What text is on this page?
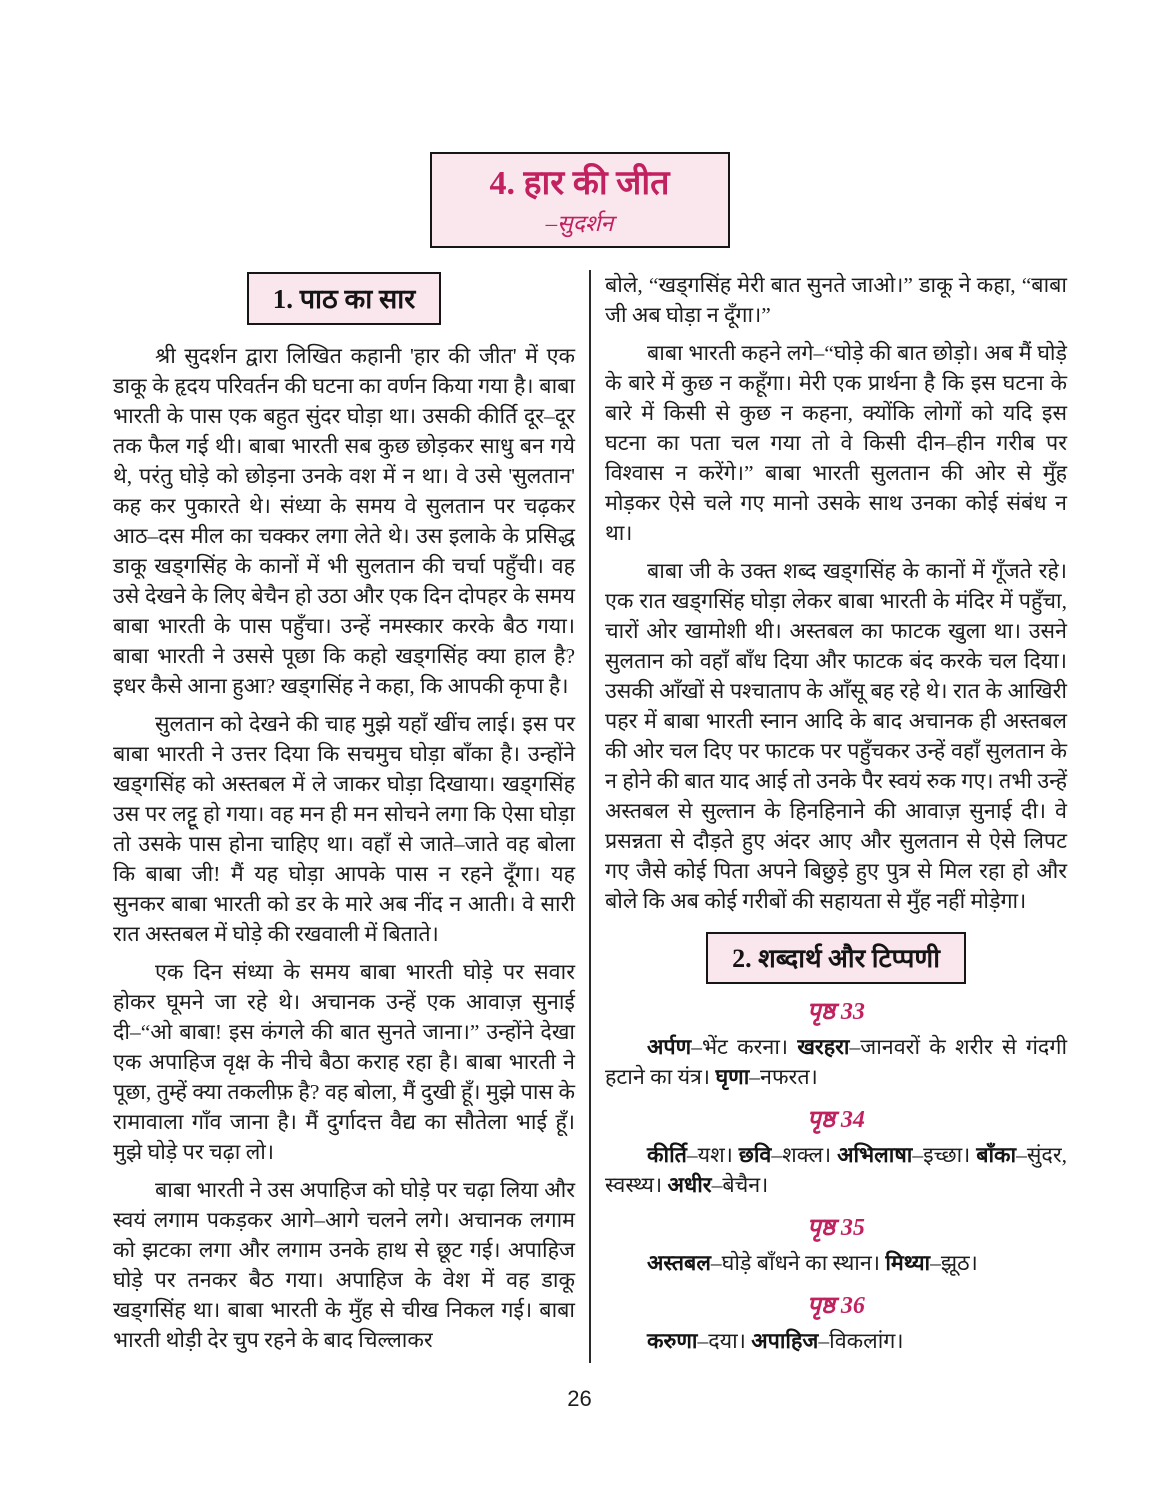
4. हार की जीत
–सुदर्शन
1. पाठ का सार

श्री सुदर्शन द्वारा लिखित कहानी 'हार की जीत' में एक डाकू के हृदय परिवर्तन की घटना का वर्णन किया गया है। बाबा भारती के पास एक बहुत सुंदर घोड़ा था। उसकी कीर्ति दूर–दूर तक फैल गई थी। बाबा भारती सब कुछ छोड़कर साधु बन गये थे, परंतु घोड़े को छोड़ना उनके वश में न था। वे उसे 'सुलतान' कह कर पुकारते थे। संध्या के समय वे सुलतान पर चढ़कर आठ–दस मील का चक्कर लगा लेते थे। उस इलाके के प्रसिद्ध डाकू खड्गसिंह के कानों में भी सुलतान की चर्चा पहुँची। वह उसे देखने के लिए बेचैन हो उठा और एक दिन दोपहर के समय बाबा भारती के पास पहुँचा। उन्हें नमस्कार करके बैठ गया। बाबा भारती ने उससे पूछा कि कहो खड्गसिंह क्या हाल है? इधर कैसे आना हुआ? खड्गसिंह ने कहा, कि आपकी कृपा है।

सुलतान को देखने की चाह मुझे यहाँ खींच लाई। इस पर बाबा भारती ने उत्तर दिया कि सचमुच घोड़ा बाँका है। उन्होंने खड्गसिंह को अस्तबल में ले जाकर घोड़ा दिखाया। खड्गसिंह उस पर लट्टू हो गया। वह मन ही मन सोचने लगा कि ऐसा घोड़ा तो उसके पास होना चाहिए था। वहाँ से जाते–जाते वह बोला कि बाबा जी! मैं यह घोड़ा आपके पास न रहने दूँगा। यह सुनकर बाबा भारती को डर के मारे अब नींद न आती। वे सारी रात अस्तबल में घोड़े की रखवाली में बिताते।

एक दिन संध्या के समय बाबा भारती घोड़े पर सवार होकर घूमने जा रहे थे। अचानक उन्हें एक आवाज़ सुनाई दी–“ओ बाबा! इस कंगले की बात सुनते जाना।” उन्होंने देखा एक अपाहिज वृक्ष के नीचे बैठा कराह रहा है। बाबा भारती ने पूछा, तुम्हें क्या तकलीफ़ है? वह बोला, मैं दुखी हूँ। मुझे पास के रामावाला गाँव जाना है। मैं दुर्गादत्त वैद्य का सौतेला भाई हूँ। मुझे घोड़े पर चढ़ा लो।

बाबा भारती ने उस अपाहिज को घोड़े पर चढ़ा लिया और स्वयं लगाम पकड़कर आगे–आगे चलने लगे। अचानक लगाम को झटका लगा और लगाम उनके हाथ से छूट गई। अपाहिज घोड़े पर तनकर बैठ गया। अपाहिज के वेश में वह डाकू खड्गसिंह था। बाबा भारती के मुँह से चीख निकल गई। बाबा भारती थोड़ी देर चुप रहने के बाद चिल्लाकर

बोले, “खड्गसिंह मेरी बात सुनते जाओ।” डाकू ने कहा, “बाबा जी अब घोड़ा न दूँगा।”

बाबा भारती कहने लगे–“घोड़े की बात छोड़ो। अब मैं घोड़े के बारे में कुछ न कहूँगा। मेरी एक प्रार्थना है कि इस घटना के बारे में किसी से कुछ न कहना, क्योंकि लोगों को यदि इस घटना का पता चल गया तो वे किसी दीन–हीन गरीब पर विश्वास न करेंगे।” बाबा भारती सुलतान की ओर से मुँह मोड़कर ऐसे चले गए मानो उसके साथ उनका कोई संबंध न था।

बाबा जी के उक्त शब्द खड्गसिंह के कानों में गूँजते रहे। एक रात खड्गसिंह घोड़ा लेकर बाबा भारती के मंदिर में पहुँचा, चारों ओर खामोशी थी। अस्तबल का फाटक खुला था। उसने सुलतान को वहाँ बाँध दिया और फाटक बंद करके चल दिया। उसकी आँखों से पश्चाताप के आँसू बह रहे थे। रात के आखिरी पहर में बाबा भारती स्नान आदि के बाद अचानक ही अस्तबल की ओर चल दिए पर फाटक पर पहुँचकर उन्हें वहाँ सुलतान के न होने की बात याद आई तो उनके पैर स्वयं रुक गए। तभी उन्हें अस्तबल से सुल्तान के हिनहिनाने की आवाज़ सुनाई दी। वे प्रसन्नता से दौड़ते हुए अंदर आए और सुलतान से ऐसे लिपट गए जैसे कोई पिता अपने बिछुड़े हुए पुत्र से मिल रहा हो और बोले कि अब कोई गरीबों की सहायता से मुँह नहीं मोड़ेगा।

2. शब्दार्थ और टिप्पणी
पृष्ठ 33

अर्पण–भेंट करना। खरहरा–जानवरों के शरीर से गंदगी हटाने का यंत्र। घृणा–नफरत।

पृष्ठ 34

कीर्ति–यश। छवि–शक्ल। अभिलाषा–इच्छा। बाँका–सुंदर, स्वस्थ्य। अधीर–बेचैन।

पृष्ठ 35

अस्तबल–घोड़े बाँधने का स्थान। मिथ्या–झूठ।

पृष्ठ 36

करुणा–दया। अपाहिज–विकलांग।

26
